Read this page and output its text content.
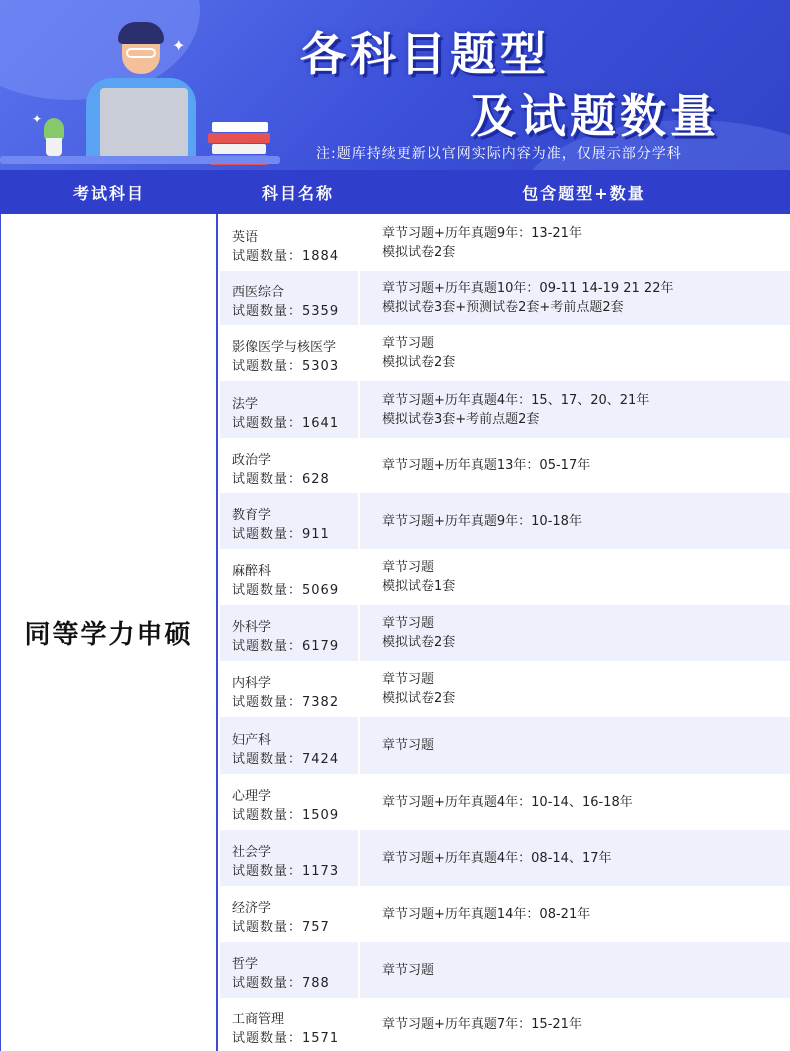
✦
✦
各科目题型
及试题数量
注:题库持续更新以官网实际内容为准，仅展示部分学科
考试科目	科目名称	包含题型+数量
同等学力申硕
英语
试题数量：1884
章节习题+历年真题9年：13-21年
模拟试卷2套
西医综合
试题数量：5359
章节习题+历年真题10年：09-11 14-19 21 22年
模拟试卷3套+预测试卷2套+考前点题2套
影像医学与核医学
试题数量：5303
章节习题
模拟试卷2套
法学
试题数量：1641
章节习题+历年真题4年：15、17、20、21年
模拟试卷3套+考前点题2套
政治学
试题数量：628
章节习题+历年真题13年：05-17年
教育学
试题数量：911
章节习题+历年真题9年：10-18年
麻醉科
试题数量：5069
章节习题
模拟试卷1套
外科学
试题数量：6179
章节习题
模拟试卷2套
内科学
试题数量：7382
章节习题
模拟试卷2套
妇产科
试题数量：7424
章节习题
心理学
试题数量：1509
章节习题+历年真题4年：10-14、16-18年
社会学
试题数量：1173
章节习题+历年真题4年：08-14、17年
经济学
试题数量：757
章节习题+历年真题14年：08-21年
哲学
试题数量：788
章节习题
工商管理
试题数量：1571
章节习题+历年真题7年：15-21年
